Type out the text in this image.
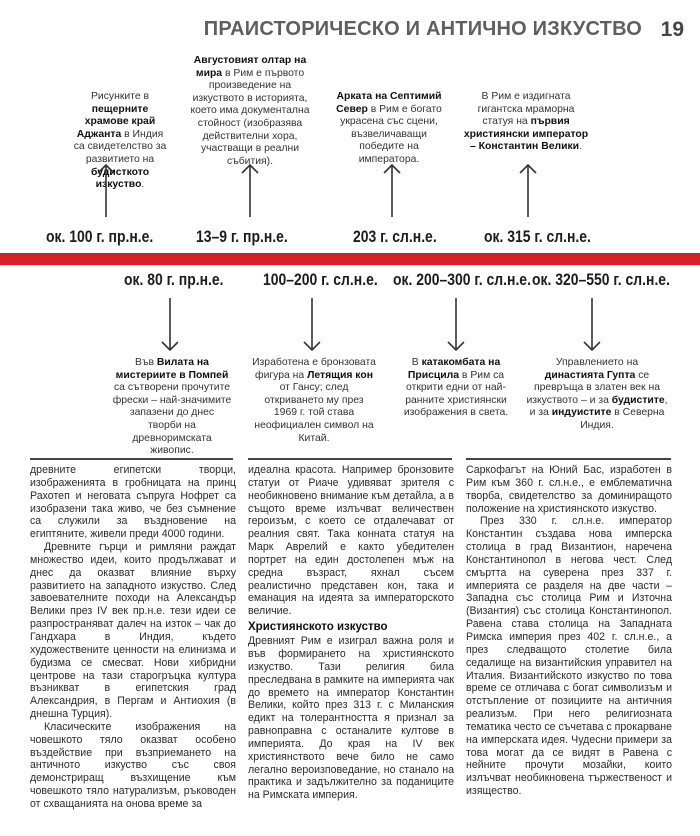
ПРАИСТОРИЧЕСКО И АНТИЧНО ИЗКУСТВО 19
Рисунките в пещерните храмове край Аджанта в Индия са свидетелство за развитието на будисткото изкуство.
Августовият олтар на мира в Рим е първото произведение на изкуството в историята, което има документална стойност (изобразява действителни хора, участващи в реални събития).
Арката на Септимий Север в Рим е богато украсена със сцени, възвеличаващи победите на императора.
В Рим е издигната гигантска мраморна статуя на първия християнски император – Константин Велики.
ок. 100 г. пр.н.е.	13–9 г. пр.н.е.	203 г. сл.н.е.	ок. 315 г. сл.н.е.
ок. 80 г. пр.н.е. 100–200 г. сл.н.е. ок. 200–300 г. сл.н.е. ок. 320–550 г. сл.н.е.
Във Вилата на мистериите в Помпей са сътворени прочутите фрески – най-значимите запазени до днес творби на древноримската живопис.
Изработена е бронзовата фигура на Летящия кон от Гансу; след откриването му през 1969 г. той става неофициален символ на Китай.
В катакомбата на Присцила в Рим са открити едни от най-ранните християнски изображения в света.
Управлението на династията Гупта се превръща в златен век на изкуството – и за будистите, и за индуистите в Северна Индия.

древните египетски творци, изображенията в гробницата на принц Рахотеп и неговата съпруга Нофрет са изобразени така живо, че без съмнение са служили за въздновение на египтяните, живели преди 4000 години.

Древните гърци и римляни раждат множество идеи, които продължават и днес да оказват влияние върху развитието на западното изкуство. След завоевателните походи на Александър Велики през IV век пр.н.е. тези идеи се разпространяват далеч на изток – чак до Гандхара в Индия, където художествените ценности на елинизма и будизма се смесват. Нови хибридни центрове на тази старогръцка култура възникват в египетския град Александрия, в Пергам и Антиохия (в днешна Турция).

Класическите изображения на човешкото тяло оказват особено въздействие при възприемането на античното изкуство със своя демонстриращ възхищение към човешкото тяло натурализъм, ръководен от схващанията на онова време за

идеална красота. Например бронзовите статуи от Риаче удивяват зрителя с необикновено внимание към детайла, а в същото време излъчват величествен героизъм, с което се отдалечават от реалния свят. Така конната статуя на Марк Аврелий е както убедителен портрет на един достолепен мъж на средна възраст, яхнал съсем реалистично представен кон, така и еманация на идеята за императорското величие.

Християнското изкуство

Древният Рим е изиграл важна роля и във формирането на християнското изкуство. Тази религия била преследвана в рамките на империята чак до времето на император Константин Велики, който през 313 г. с Миланския едикт на толерантността я признал за равноправна с останалите култове в империята. До края на IV век християнството вече било не само легално вероизповедание, но станало на практика и задължително за поданиците на Римската империя.

Саркофагът на Юний Бас, изработен в Рим към 360 г. сл.н.е., е емблематична творба, свидетелство за доминиращото положение на християнското изкуство.

През 330 г. сл.н.е. император Константин създава нова имперска столица в град Византион, наречена Константинопол в негова чест. След смъртта на суверена през 337 г. империята се разделя на две части – Западна със столица Рим и Източна (Византия) със столица Константинопол. Равена става столица на Западната Римска империя през 402 г. сл.н.е., а през следващото столетие била седалище на византийския управител на Италия. Византийското изкуство по това време се отличава с богат символизъм и отстъпление от позициите на античния реализъм. При него религиозната тематика често се съчетава с прокарване на имперската идея. Чудесни примери за това могат да се видят в Равена с нейните прочути мозайки, които излъчват необикновена тържественост и изящество.
